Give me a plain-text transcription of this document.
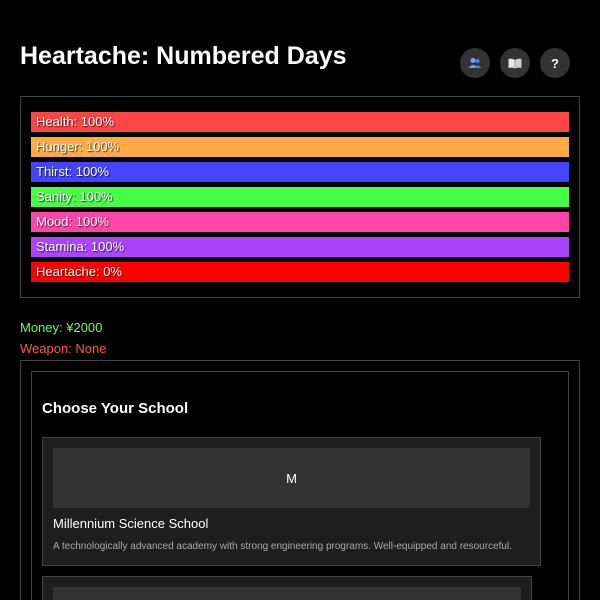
Heartache: Numbered Days	?
Health: 100%
Hunger: 100%
Thirst: 100%
Sanity: 100%
Mood: 100%
Stamina: 100%
Heartache: 0%
Money: ¥2000
Weapon: None
Choose Your School
M
Millennium Science School
A technologically advanced academy with strong engineering programs. Well-equipped and resourceful.
